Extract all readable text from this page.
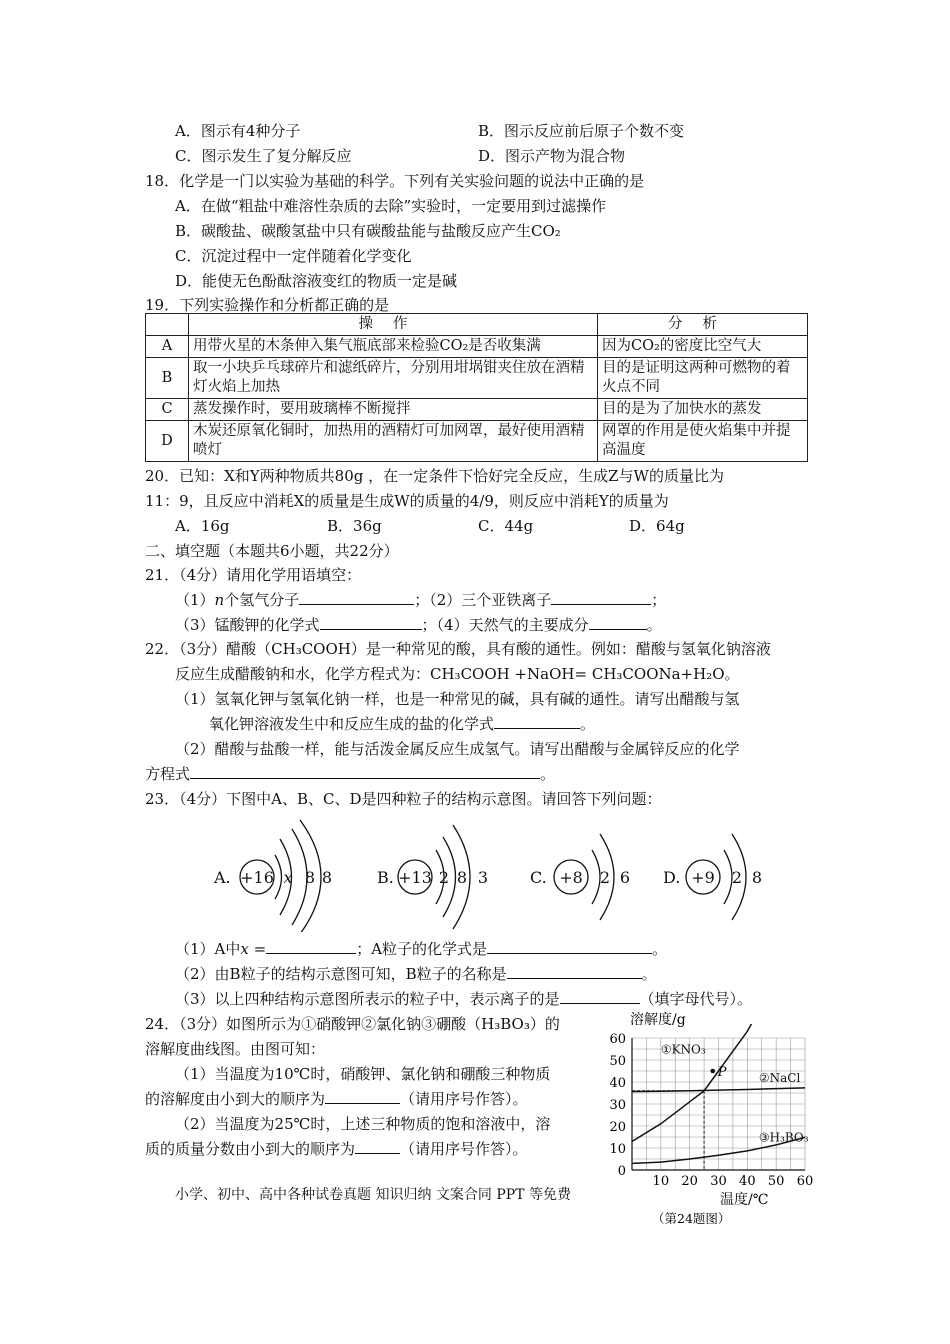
A．图示有4种分子	B．图示反应前后原子个数不变
C．图示发生了复分解反应	D．图示产物为混合物
18．化学是一门以实验为基础的科学。下列有关实验问题的说法中正确的是
A．在做“粗盐中难溶性杂质的去除”实验时，一定要用到过滤操作
B．碳酸盐、碳酸氢盐中只有碳酸盐能与盐酸反应产生CO₂
C．沉淀过程中一定伴随着化学变化
D．能使无色酚酞溶液变红的物质一定是碱
19．下列实验操作和分析都正确的是
	操作	分析
A	用带火星的木条伸入集气瓶底部来检验CO₂是否收集满	因为CO₂的密度比空气大
B	取一小块乒乓球碎片和滤纸碎片，分别用坩埚钳夹住放在酒精灯火焰上加热	目的是证明这两种可燃物的着火点不同
C	蒸发操作时，要用玻璃棒不断搅拌	目的是为了加快水的蒸发
D	木炭还原氧化铜时，加热用的酒精灯可加网罩，最好使用酒精喷灯	网罩的作用是使火焰集中并提高温度
20．已知：X和Y两种物质共80g ，在一定条件下恰好完全反应，生成Z与W的质量比为
11：9，且反应中消耗X的质量是生成W的质量的4/9，则反应中消耗Y的质量为
A．16g	B．36g	C．44g	D．64g
二、填空题（本题共6小题，共22分）
21．（4分）请用化学用语填空：
（1）n个氢气分子	；（2）三个亚铁离子	；
（3）锰酸钾的化学式	；（4）天然气的主要成分	。
22．（3分）醋酸（CH₃COOH）是一种常见的酸，具有酸的通性。例如：醋酸与氢氧化钠溶液
反应生成醋酸钠和水，化学方程式为：CH₃COOH +NaOH= CH₃COONa+H₂O。
（1）氢氧化钾与氢氧化钠一样，也是一种常见的碱，具有碱的通性。请写出醋酸与氢
氧化钾溶液发生中和反应生成的盐的化学式	。
（2）醋酸与盐酸一样，能与活泼金属反应生成氢气。请写出醋酸与金属锌反应的化学
方程式	。
23．（4分）下图中A、B、C、D是四种粒子的结构示意图。请回答下列问题：
A. +16 x 8 8	B. +13 2 8 3	C. +8 2 6 D. +9 2 8
（1）A中x =	；A粒子的化学式是	。
（2）由B粒子的结构示意图可知，B粒子的名称是	。
（3）以上四种结构示意图所表示的粒子中，表示离子的是	（填字母代号）。
24．（3分）如图所示为①硝酸钾②氯化钠③硼酸（H₃BO₃）的
溶解度曲线图。由图可知：
（1）当温度为10℃时，硝酸钾、氯化钠和硼酸三种物质
的溶解度由小到大的顺序为	（请用序号作答）。
（2）当温度为25℃时，上述三种物质的饱和溶液中，溶
质的质量分数由小到大的顺序为	（请用序号作答）。
小学、初中、高中各种试卷真题 知识归纳 文案合同 PPT 等免费
溶解度/g
10 20 30 40 50 60
0
10
20
30
40
50
60
①KNO₃
②NaCl
③H₃BO₃
P
温度/℃
（第24题图）
